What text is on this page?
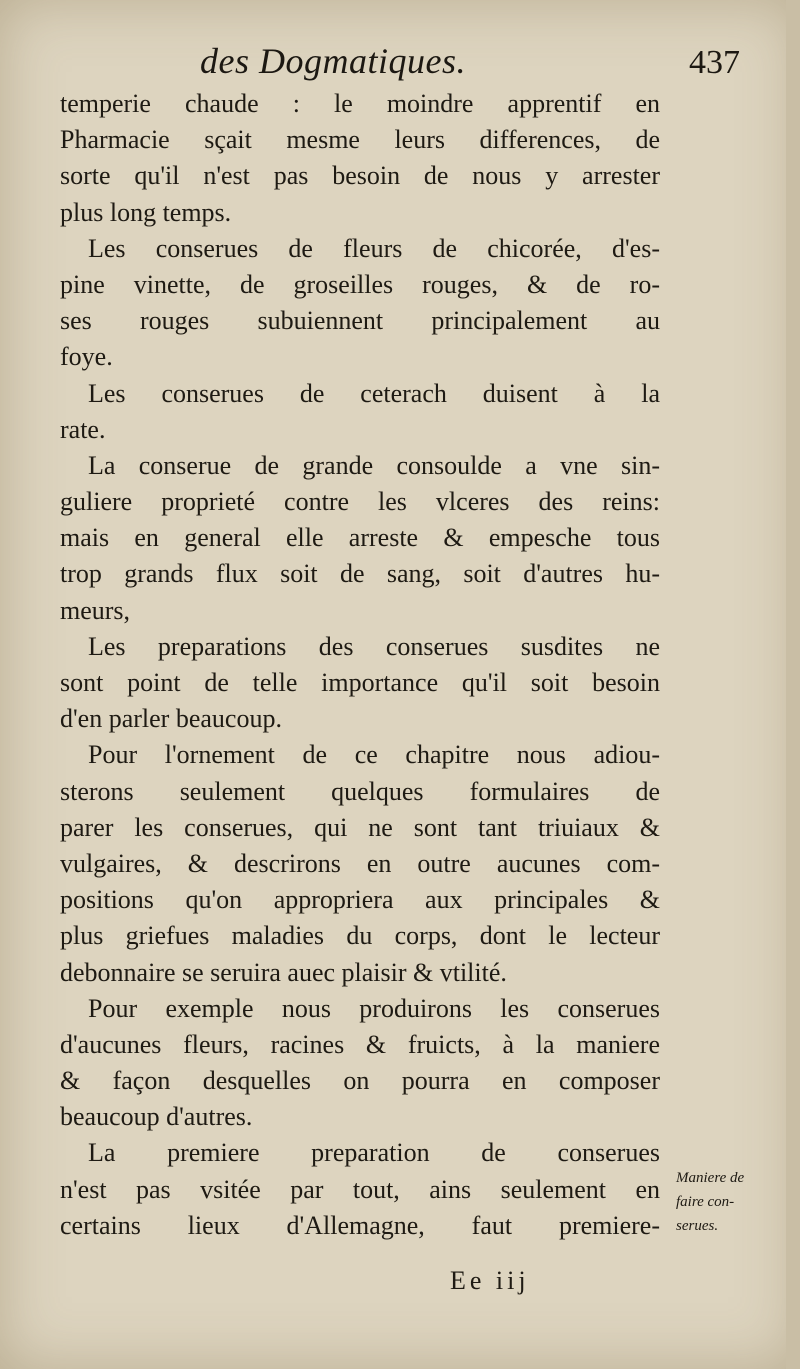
des Dogmatiques.	437
temperie chaude : le moindre apprentif en
Pharmacie sçait mesme leurs differences, de
sorte qu'il n'est pas besoin de nous y arrester
plus long temps.
Les conserues de fleurs de chicorée, d'es-
pine vinette, de groseilles rouges, & de ro-
ses rouges subuiennent principalement au
foye.
Les conserues de ceterach duisent à la
rate.
La conserue de grande consoulde a vne sin-
guliere proprieté contre les vlceres des reins:
mais en general elle arreste & empesche tous
trop grands flux soit de sang, soit d'autres hu-
meurs,
Les preparations des conserues susdites ne
sont point de telle importance qu'il soit besoin
d'en parler beaucoup.
Pour l'ornement de ce chapitre nous adiou-
sterons seulement quelques formulaires de
parer les conserues, qui ne sont tant triuiaux &
vulgaires, & descrirons en outre aucunes com-
positions qu'on appropriera aux principales &
plus griefues maladies du corps, dont le lecteur
debonnaire se seruira auec plaisir & vtilité.
Pour exemple nous produirons les conserues
d'aucunes fleurs, racines & fruicts, à la maniere
& façon desquelles on pourra en composer
beaucoup d'autres.
La premiere preparation de conserues
n'est pas vsitée par tout, ains seulement en
certains lieux d'Allemagne, faut premiere-
Maniere de
faire con-
serues.
Ee iij
